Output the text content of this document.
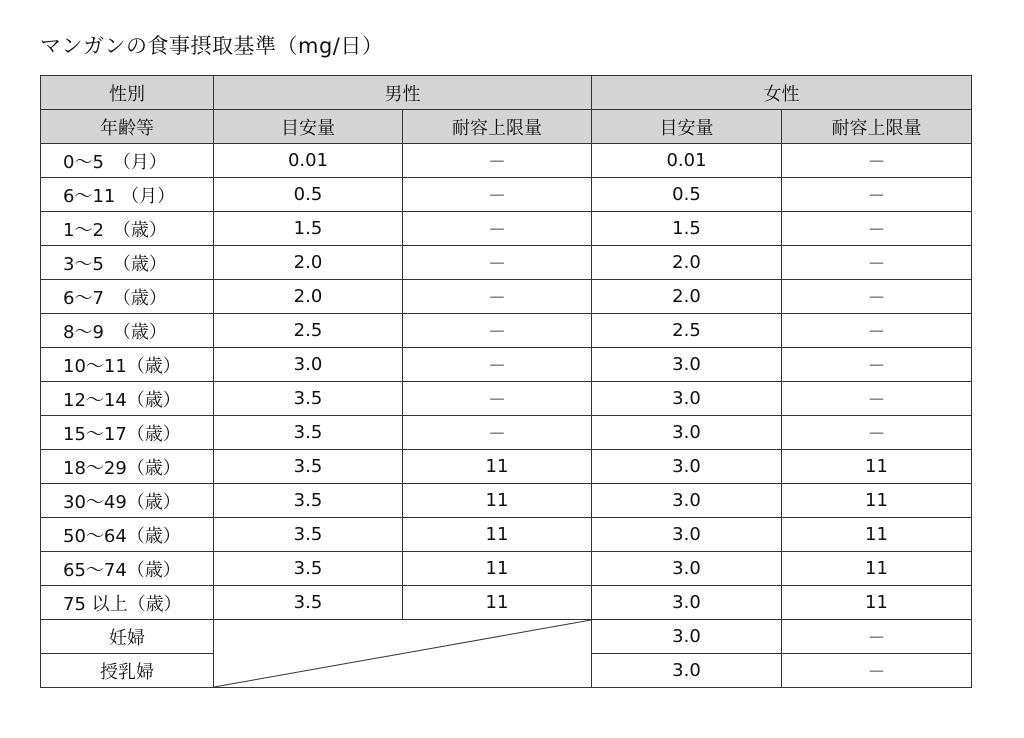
マンガンの食事摂取基準（mg/日）
性別	男性		女性	
年齢等	目安量	耐容上限量	目安量	耐容上限量
0～5　（月）	0.01	－	0.01	－
6～11 （月）	0.5	－	0.5	－
1～2　（歳）	1.5	－	1.5	－
3～5　（歳）	2.0	－	2.0	－
6～7　（歳）	2.0	－	2.0	－
8～9　（歳）	2.5	－	2.5	－
10～11（歳）	3.0	－	3.0	－
12～14（歳）	3.5	－	3.0	－
15～17（歳）	3.5	－	3.0	－
18～29（歳）	3.5	11	3.0	11
30～49（歳）	3.5	11	3.0	11
50～64（歳）	3.5	11	3.0	11
65～74（歳）	3.5	11	3.0	11
75 以上（歳）	3.5	11	3.0	11
妊婦			3.0	－
授乳婦			3.0	－
